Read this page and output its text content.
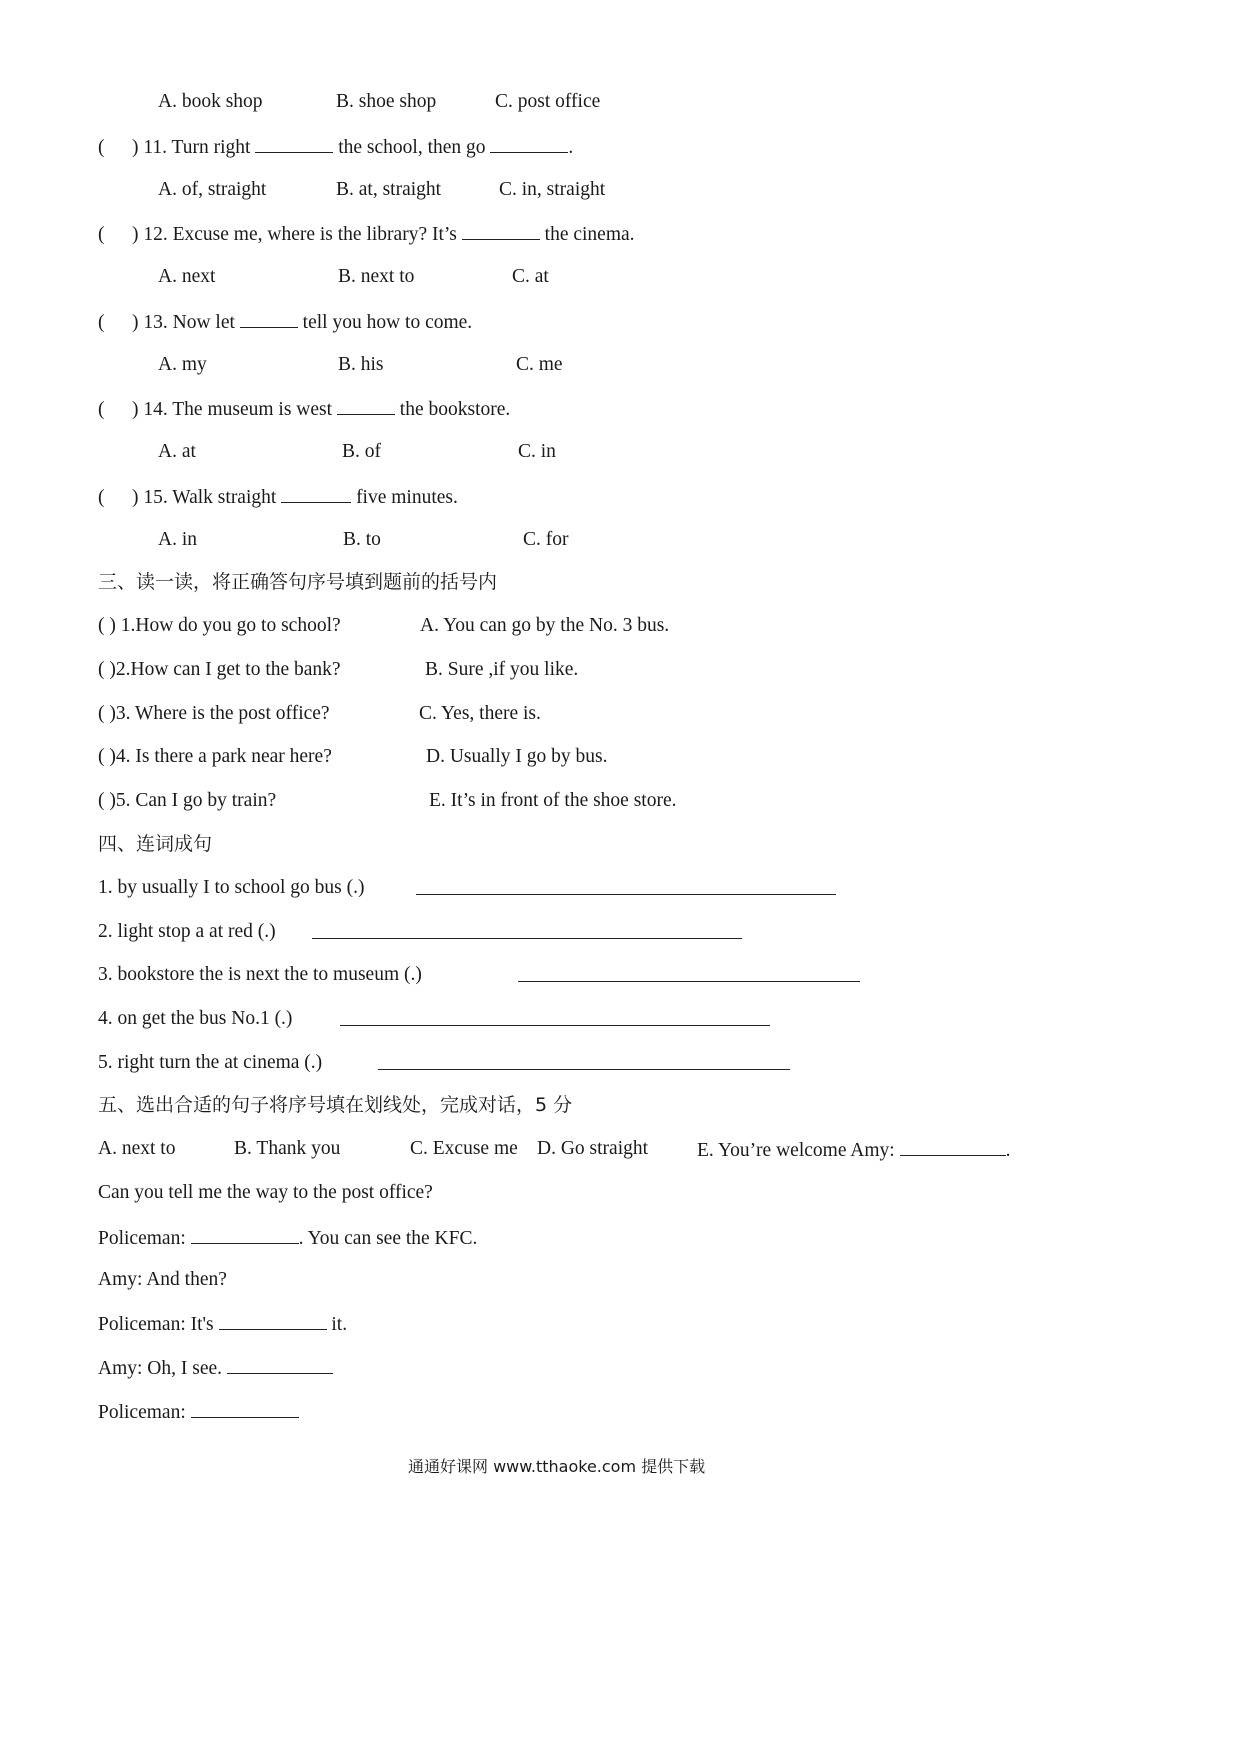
A. book shop	B. shoe shop	C. post office
() 11. Turn right	the school, then go	.
A. of, straight	B. at, straight	C. in, straight
() 12. Excuse me, where is the library? It’s	the cinema.
A. next	B. next to	C. at
() 13. Now let	tell you how to come.
A. my	B. his	C. me
() 14. The museum is west	the bookstore.
A. at	B. of	C. in
() 15. Walk straight	five minutes.
A. in	B. to	C. for
三、读一读，将正确答句序号填到题前的括号内
( ) 1.How do you go to school?	A. You can go by the No. 3 bus.
( )2.How can I get to the bank?	B. Sure ,if you like.
( )3. Where is the post office?	C. Yes, there is.
( )4. Is there a park near here?	D. Usually I go by bus.
( )5. Can I go by train?	E. It’s in front of the shoe store.
四、连词成句
1. by usually I to school go bus (.)
2. light stop a at red (.)
3. bookstore the is next the to museum (.)
4. on get the bus No.1 (.)
5. right turn the at cinema (.)
五、选出合适的句子将序号填在划线处，完成对话，5 分
A. next to	B. Thank you	C. Excuse me D. Go straight	E. You’re welcome Amy:	.
Can you tell me the way to the post office?
Policeman:	. You can see the KFC.
Amy: And then?
Policeman: It's	it.
Amy: Oh, I see.
Policeman:
通通好课网 www.tthaoke.com 提供下载
